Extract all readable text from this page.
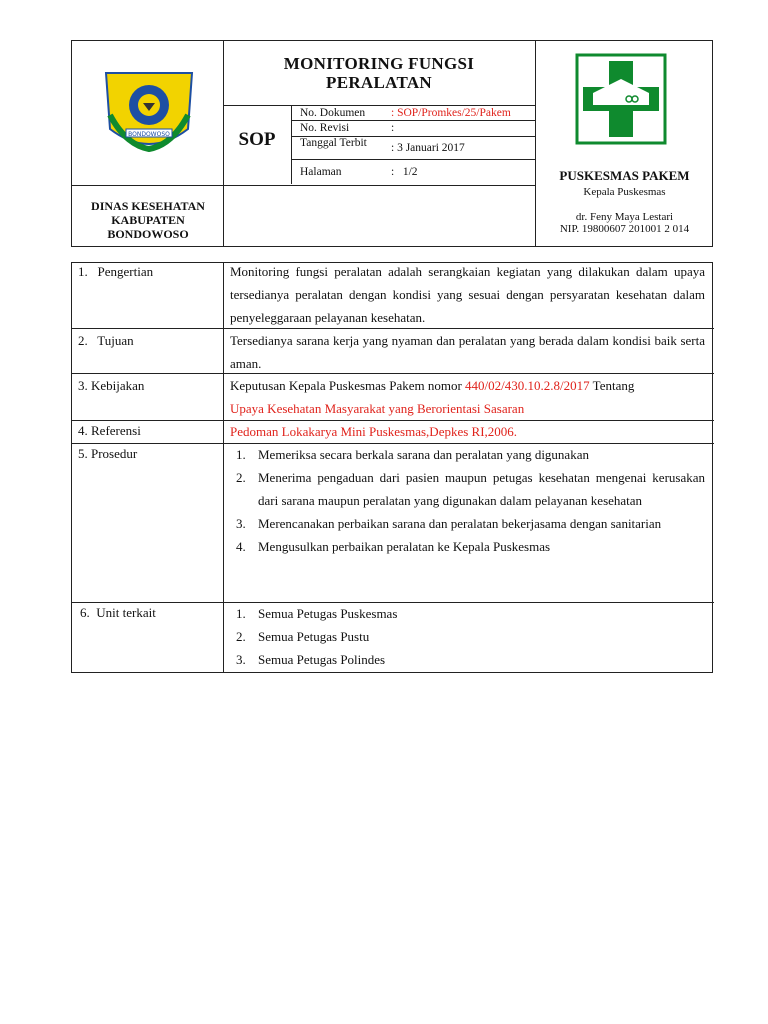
BONDOWOSO
MONITORING FUNGSI PERALATAN
SOP
No. Dokumen : SOP/Promkes/25/Pakem
No. Revisi	:
Tanggal Terbit	: 3 Januari 2017
Halaman	:   1/2	PUSKESMAS PAKEM
Kepala Puskesmas
dr. Feny Maya Lestari
NIP. 19800607 201001 2 014
DINAS KESEHATAN KABUPATEN BONDOWOSO
1.   Pengertian	Monitoring fungsi peralatan adalah serangkaian kegiatan yang dilakukan dalam upaya tersedianya peralatan dengan kondisi yang sesuai dengan persyaratan kesehatan dalam penyeleggaraan pelayanan kesehatan.
2.   Tujuan	Tersedianya sarana kerja yang nyaman dan peralatan yang berada dalam kondisi baik serta aman.
3. Kebijakan	Keputusan Kepala Puskesmas Pakem nomor 440/02/430.10.2.8/2017 Tentang
Upaya Kesehatan Masyarakat yang Berorientasi Sasaran
4. Referensi	Pedoman Lokakarya Mini Puskesmas,Depkes RI,2006.
5. Prosedur	1. Memeriksa secara berkala sarana dan peralatan yang digunakan
2. Menerima pengaduan dari pasien maupun petugas kesehatan mengenai kerusakan dari sarana maupun peralatan yang digunakan dalam pelayanan kesehatan
3. Merencanakan perbaikan sarana dan peralatan bekerjasama dengan sanitarian
4. Mengusulkan perbaikan peralatan ke Kepala Puskesmas
6.  Unit terkait	1. Semua Petugas Puskesmas
2. Semua Petugas Pustu
3. Semua Petugas Polindes
